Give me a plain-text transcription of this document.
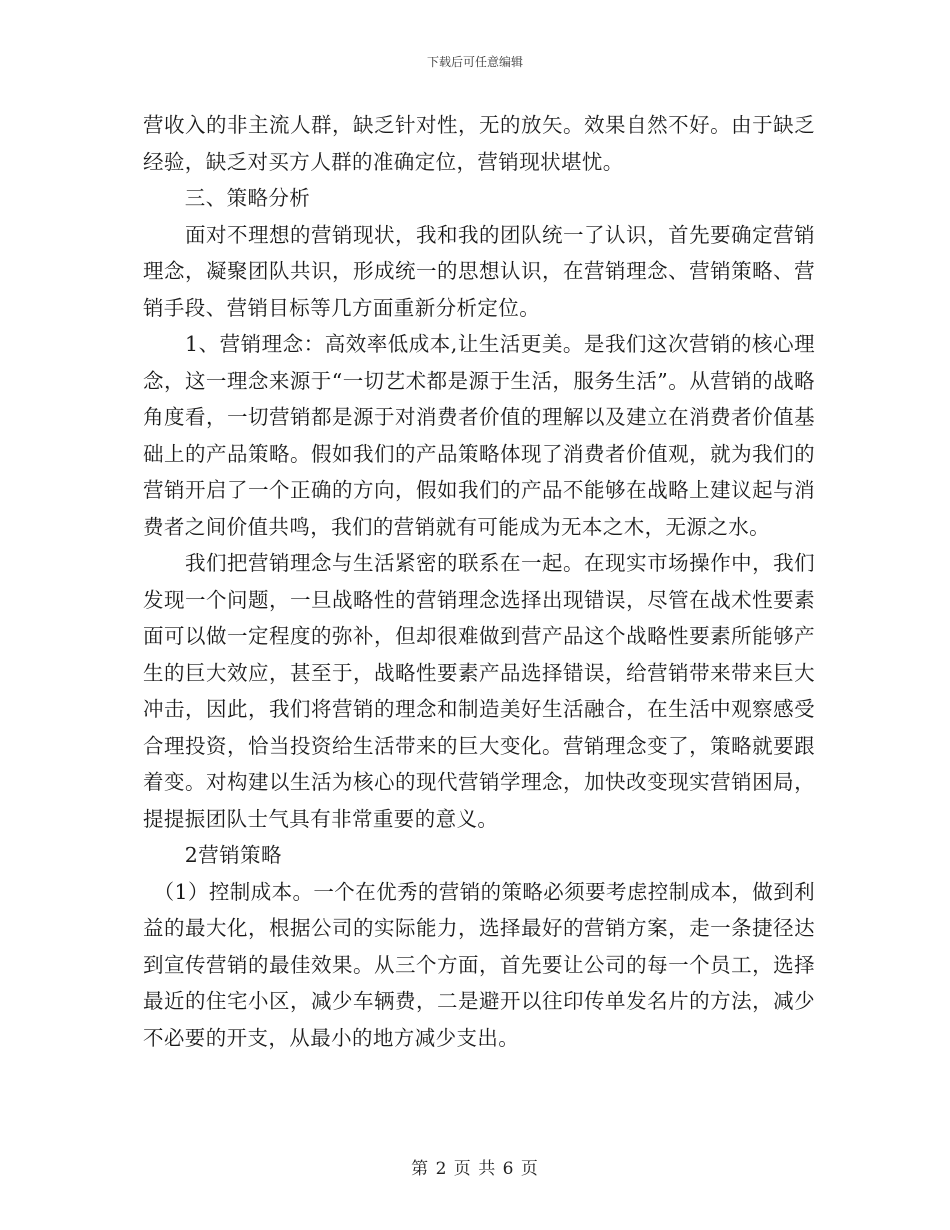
下载后可任意编辑

营收入的非主流人群，缺乏针对性，无的放矢。效果自然不好。由于缺乏经验，缺乏对买方人群的准确定位，营销现状堪忧。

　　三、策略分析

　　面对不理想的营销现状，我和我的团队统一了认识，首先要确定营销理念，凝聚团队共识，形成统一的思想认识，在营销理念、营销策略、营销手段、营销目标等几方面重新分析定位。

　　1、营销理念：高效率低成本,让生活更美。是我们这次营销的核心理念，这一理念来源于“一切艺术都是源于生活，服务生活”。从营销的战略角度看，一切营销都是源于对消费者价值的理解以及建立在消费者价值基础上的产品策略。假如我们的产品策略体现了消费者价值观，就为我们的营销开启了一个正确的方向，假如我们的产品不能够在战略上建议起与消费者之间价值共鸣，我们的营销就有可能成为无本之木，无源之水。

　　我们把营销理念与生活紧密的联系在一起。在现实市场操作中，我们发现一个问题，一旦战略性的营销理念选择出现错误，尽管在战术性要素面可以做一定程度的弥补，但却很难做到营产品这个战略性要素所能够产生的巨大效应，甚至于，战略性要素产品选择错误，给营销带来带来巨大冲击，因此，我们将营销的理念和制造美好生活融合，在生活中观察感受合理投资，恰当投资给生活带来的巨大变化。营销理念变了，策略就要跟着变。对构建以生活为核心的现代营销学理念，加快改变现实营销困局，提提振团队士气具有非常重要的意义。

　　2营销策略

　（1）控制成本。一个在优秀的营销的策略必须要考虑控制成本，做到利益的最大化，根据公司的实际能力，选择最好的营销方案，走一条捷径达到宣传营销的最佳效果。从三个方面，首先要让公司的每一个员工，选择最近的住宅小区，减少车辆费，二是避开以往印传单发名片的方法，减少不必要的开支，从最小的地方减少支出。

第 2 页 共 6 页
